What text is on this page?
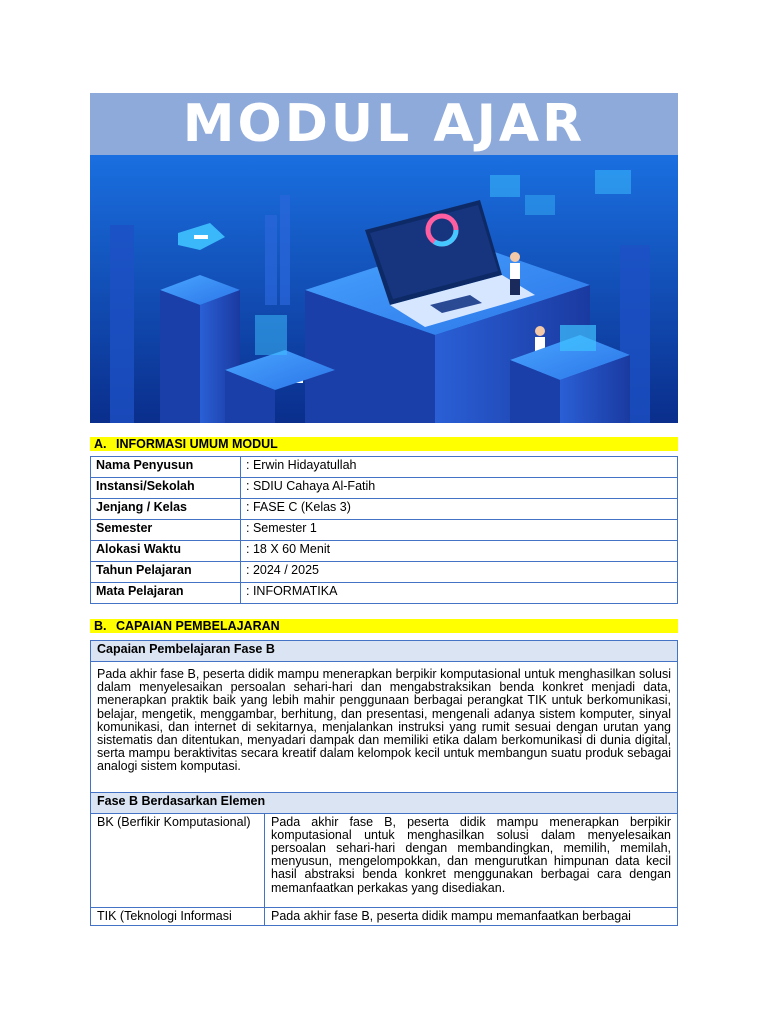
MODUL AJAR
A. INFORMASI UMUM MODUL
Nama Penyusun	: Erwin Hidayatullah
Instansi/Sekolah	: SDIU Cahaya Al-Fatih
Jenjang / Kelas	: FASE C (Kelas 3)
Semester	: Semester 1
Alokasi Waktu	: 18 X 60 Menit
Tahun Pelajaran	: 2024 / 2025
Mata Pelajaran	: INFORMATIKA
B. CAPAIAN PEMBELAJARAN
Capaian Pembelajaran Fase B	
Pada akhir fase B, peserta didik mampu menerapkan berpikir komputasional untuk menghasilkan solusi dalam menyelesaikan persoalan sehari-hari dan mengabstraksikan benda konkret menjadi data, menerapkan praktik baik yang lebih mahir penggunaan berbagai perangkat TIK untuk berkomunikasi, belajar, mengetik, menggambar, berhitung, dan presentasi, mengenali adanya sistem komputer, sinyal komunikasi, dan internet di sekitarnya, menjalankan instruksi yang rumit sesuai dengan urutan yang sistematis dan ditentukan, menyadari dampak dan memiliki etika dalam berkomunikasi di dunia digital, serta mampu beraktivitas secara kreatif dalam kelompok kecil untuk membangun suatu produk sebagai analogi sistem komputasi.	
Fase B Berdasarkan Elemen	
BK (Berfikir Komputasional)	Pada akhir fase B, peserta didik mampu menerapkan berpikir komputasional untuk menghasilkan solusi dalam menyelesaikan persoalan sehari-hari dengan membandingkan, memilih, memilah, menyusun, mengelompokkan, dan mengurutkan himpunan data kecil hasil abstraksi benda konkret menggunakan berbagai cara dengan memanfaatkan perkakas yang disediakan.
TIK (Teknologi Informasi	Pada akhir fase B, peserta didik mampu memanfaatkan berbagai
